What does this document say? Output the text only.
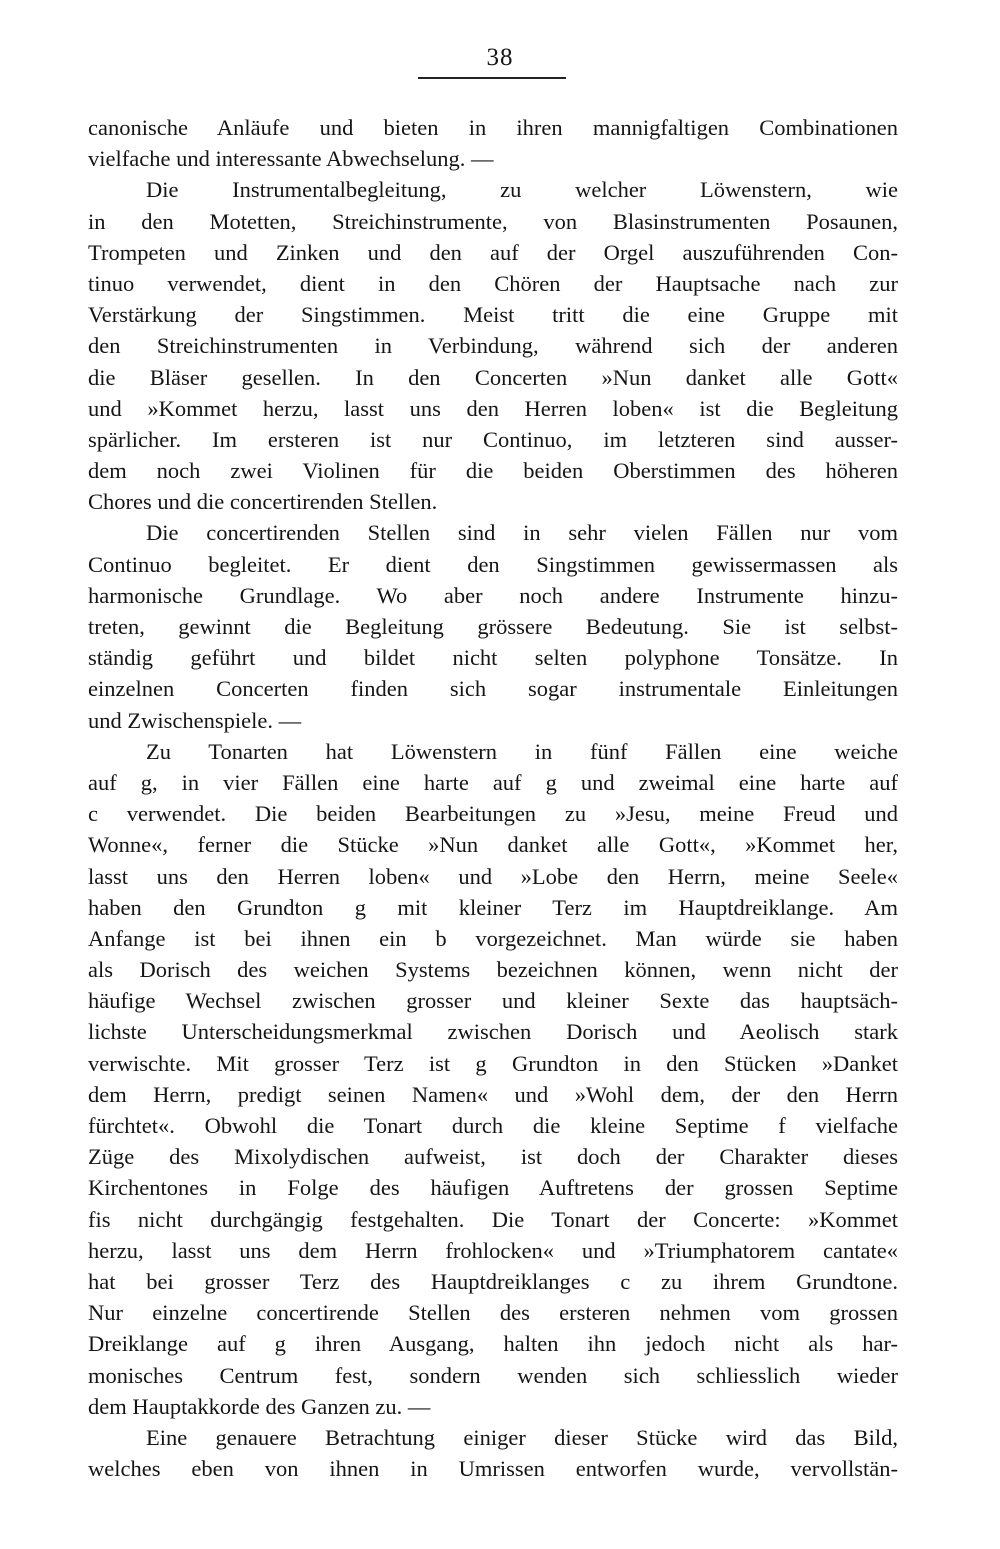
38
canonische Anläufe und bieten in ihren mannigfaltigen Combinationen
vielfache und interessante Abwechselung. —
Die Instrumentalbegleitung, zu welcher Löwenstern, wie
in den Motetten, Streichinstrumente, von Blasinstrumenten Posaunen,
Trompeten und Zinken und den auf der Orgel auszuführenden Con-
tinuo verwendet, dient in den Chören der Hauptsache nach zur
Verstärkung der Singstimmen. Meist tritt die eine Gruppe mit
den Streichinstrumenten in Verbindung, während sich der anderen
die Bläser gesellen. In den Concerten »Nun danket alle Gott«
und »Kommet herzu, lasst uns den Herren loben« ist die Begleitung
spärlicher. Im ersteren ist nur Continuo, im letzteren sind ausser-
dem noch zwei Violinen für die beiden Oberstimmen des höheren
Chores und die concertirenden Stellen.
Die concertirenden Stellen sind in sehr vielen Fällen nur vom
Continuo begleitet. Er dient den Singstimmen gewissermassen als
harmonische Grundlage. Wo aber noch andere Instrumente hinzu-
treten, gewinnt die Begleitung grössere Bedeutung. Sie ist selbst-
ständig geführt und bildet nicht selten polyphone Tonsätze. In
einzelnen Concerten finden sich sogar instrumentale Einleitungen
und Zwischenspiele. —
Zu Tonarten hat Löwenstern in fünf Fällen eine weiche
auf g, in vier Fällen eine harte auf g und zweimal eine harte auf
c verwendet. Die beiden Bearbeitungen zu »Jesu, meine Freud und
Wonne«, ferner die Stücke »Nun danket alle Gott«, »Kommet her,
lasst uns den Herren loben« und »Lobe den Herrn, meine Seele«
haben den Grundton g mit kleiner Terz im Hauptdreiklange. Am
Anfange ist bei ihnen ein b vorgezeichnet. Man würde sie haben
als Dorisch des weichen Systems bezeichnen können, wenn nicht der
häufige Wechsel zwischen grosser und kleiner Sexte das hauptsäch-
lichste Unterscheidungsmerkmal zwischen Dorisch und Aeolisch stark
verwischte. Mit grosser Terz ist g Grundton in den Stücken »Danket
dem Herrn, predigt seinen Namen« und »Wohl dem, der den Herrn
fürchtet«. Obwohl die Tonart durch die kleine Septime f vielfache
Züge des Mixolydischen aufweist, ist doch der Charakter dieses
Kirchentones in Folge des häufigen Auftretens der grossen Septime
fis nicht durchgängig festgehalten. Die Tonart der Concerte: »Kommet
herzu, lasst uns dem Herrn frohlocken« und »Triumphatorem cantate«
hat bei grosser Terz des Hauptdreiklanges c zu ihrem Grundtone.
Nur einzelne concertirende Stellen des ersteren nehmen vom grossen
Dreiklange auf g ihren Ausgang, halten ihn jedoch nicht als har-
monisches Centrum fest, sondern wenden sich schliesslich wieder
dem Hauptakkorde des Ganzen zu. —
Eine genauere Betrachtung einiger dieser Stücke wird das Bild,
welches eben von ihnen in Umrissen entworfen wurde, vervollstän-
